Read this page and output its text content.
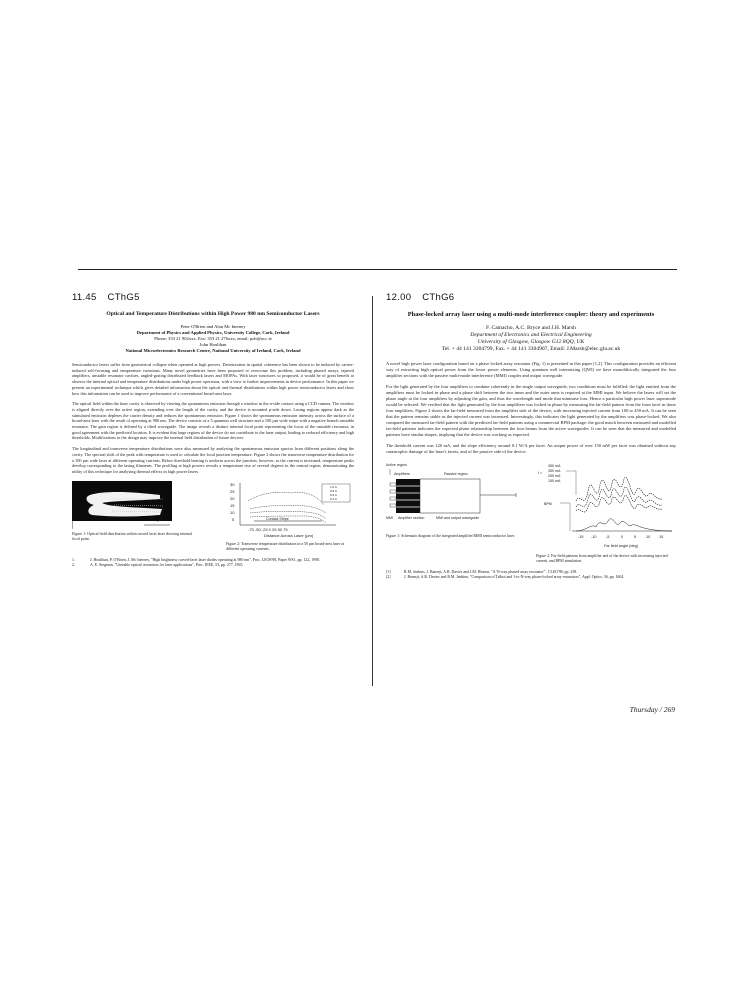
11.45 CThG5
Optical and Temperature Distributions within High Power 980 nm Semiconductor Lasers
Peter O'Brien and Alan Mc Inerney
Department of Physics and Applied Physics, University College, Cork, Ireland
Phone: 353 21 902xxx, Fax: 353 21 276xxx, email: pob@ucc.ie
John Houlihan
National Microelectronics Research Centre, National University of Ireland, Cork, Ireland

Semiconductor lasers suffer from geometrical collapse when operated at high powers. Deterioration in spatial coherence has been shown to be induced by carrier-induced self-focusing and temperature variations. Many novel geometries have been proposed to overcome this problem, including phased arrays, tapered amplifiers, unstable resonator cavities, angled-grating distributed feedback lasers and MOPAs. With laser structures so proposed, it would be of great benefit to observe the internal optical and temperature distributions under high power operation, with a view to further improvements in device performance. In this paper we present an experimental technique which gives detailed information about the optical and thermal distributions within high power semiconductor lasers and show how this information can be used to improve performance of a conventional broad-area laser.

The optical field within the laser cavity is observed by viewing the spontaneous emission through a window in the n-side contact using a CCD camera. The window is aligned directly over the active region, extending over the length of the cavity, and the device is mounted p-side down. Lasing regions appear dark as the stimulated emission depletes the carrier density and reduces the spontaneous emission. Figure 1 shows the spontaneous emission intensity across the surface of a broad-area laser with the result of operating at 980 nm. The device consists of a 3 quantum well structure and a 100 µm wide stripe with a negative branch unstable resonator. The gain region is defined by a tilted waveguide. The image reveals a distinct internal focal point representing the focus of the unstable resonator, in good agreement with the predicted location. It is evident that large regions of the device do not contribute to the laser output, leading to reduced efficiency and high thresholds. Modifications to the design may improve the internal field distribution of future devices.

The longitudinal and transverse temperature distributions were also measured by analysing the spontaneous emission spectra from different positions along the cavity. The spectral shift of the peak with temperature is used to calculate the local junction temperature. Figure 2 shows the transverse temperature distribution for a 100 µm wide laser at different operating currents. Below threshold heating is uniform across the junction; however, as the current is increased, temperature peaks develop corresponding to the lasing filaments. The profiling at high powers reveals a temperature rise of several degrees in the central region, demonstrating the utility of this technique for analysing thermal effects in high power lasers.

200 µm
Figure 1: Optical field distribution within curved facet laser showing internal focal point.
30
25
20
15
10
5
-75 -50 -25 0 25 50 75
Distance Across Laser (µm)
Contact Stripe
1.0 A
0.8 A
0.6 A
0.4 A
Figure 2: Transverse temperature distribution in a 50 µm broad-area laser at different operating currents.
1.	J. Houlihan, P. O'Brien, J. Mc Inerney, "High brightness curved-facet laser diodes operating at 980 nm", Proc. LEOS'98, Paper WS1, pp. 122, 1998.
2.	A. E. Siegman, "Unstable optical resonators for laser applications", Proc. IEEE, 53, pp. 277, 1965.
12.00 CThG6
Phase-locked array laser using a multi-mode interference coupler: theory and experiments
F. Camacho, A.C. Bryce and J.H. Marsh
Department of Electronics and Electrical Engineering
University of Glasgow, Glasgow G12 8QQ, UK
Tel. + 44 141 3304799, Fax. + 44 141 3304907, Email: J.Marsh@elec.gla.ac.uk

A novel high power laser configuration based on a phase locked array resonator (Fig. 1) is presented in this paper [1,2]. This configuration provides an efficient way of extracting high optical power from the lower power elements. Using quantum well intermixing (QWI) we have monolithically integrated the four amplifier sections with the passive multi-mode interference (MMI) coupler and output waveguide.

For the light generated by the four amplifiers to combine coherently in the single output waveguide, two conditions must be fulfilled: the light emitted from the amplifiers must be locked in phase and a phase shift between the two inner and the outer arms is required at the MMI input. We believe the lasers will set the phase angle at the four amplifiers by adjusting the gain, and thus the wavelength and mode that minimise loss. Hence a particular high power laser supermode would be selected. We verified that the light generated by the four amplifiers was locked in phase by measuring the far-field pattern from the front facet in those four amplifiers. Figure 2 shows the far-field measured from the amplifier side of the device, with increasing injected current from 100 to 450 mA. It can be seen that the pattern remains stable as the injected current was increased. Interestingly, this indicates the light generated by the amplifiers was phase-locked. We also compared the measured far-field pattern with the predicted far-field patterns using a commercial BPM package: the good match between measured and modelled far-field patterns indicates the expected phase relationship between the four beams from the active waveguides. It can be seen that the measured and modelled patterns have similar shapes, implying that the device was working as expected.

The threshold current was 120 mA, and the slope efficiency around 0.1 W/A per facet. An output power of over 150 mW per facet was obtained without any catastrophic damage of the laser's facets, and of the passive side of the device.

Active region
Amplifiers	Passive region
MMI Amplifier section	MMI and output waveguide
Figure 1: Schematic diagram of the integrated amplifier/MMI semiconductor laser.
450 mA
350 mA
250 mA
150 mA
I =
BPM
-15 -10	-5	0	5	10 15
Far field angle (deg)
Figure 2: Far-field patterns from amplifier end of the device with increasing injected current, and BPM simulation.
[1]	R.M. Jenkins, J. Banerji, A.R. Davies and J.M. Heaton, "A 'N-way phased array resonator'", CLEO'98, pp. 258.
[2]	J. Banerji, A.R. Davies and R.M. Jenkins, "Comparison of Talbot and 1-to-N-way phase-locked array resonators", Appl. Optics, 36, pp. 1604.
Thursday / 269
